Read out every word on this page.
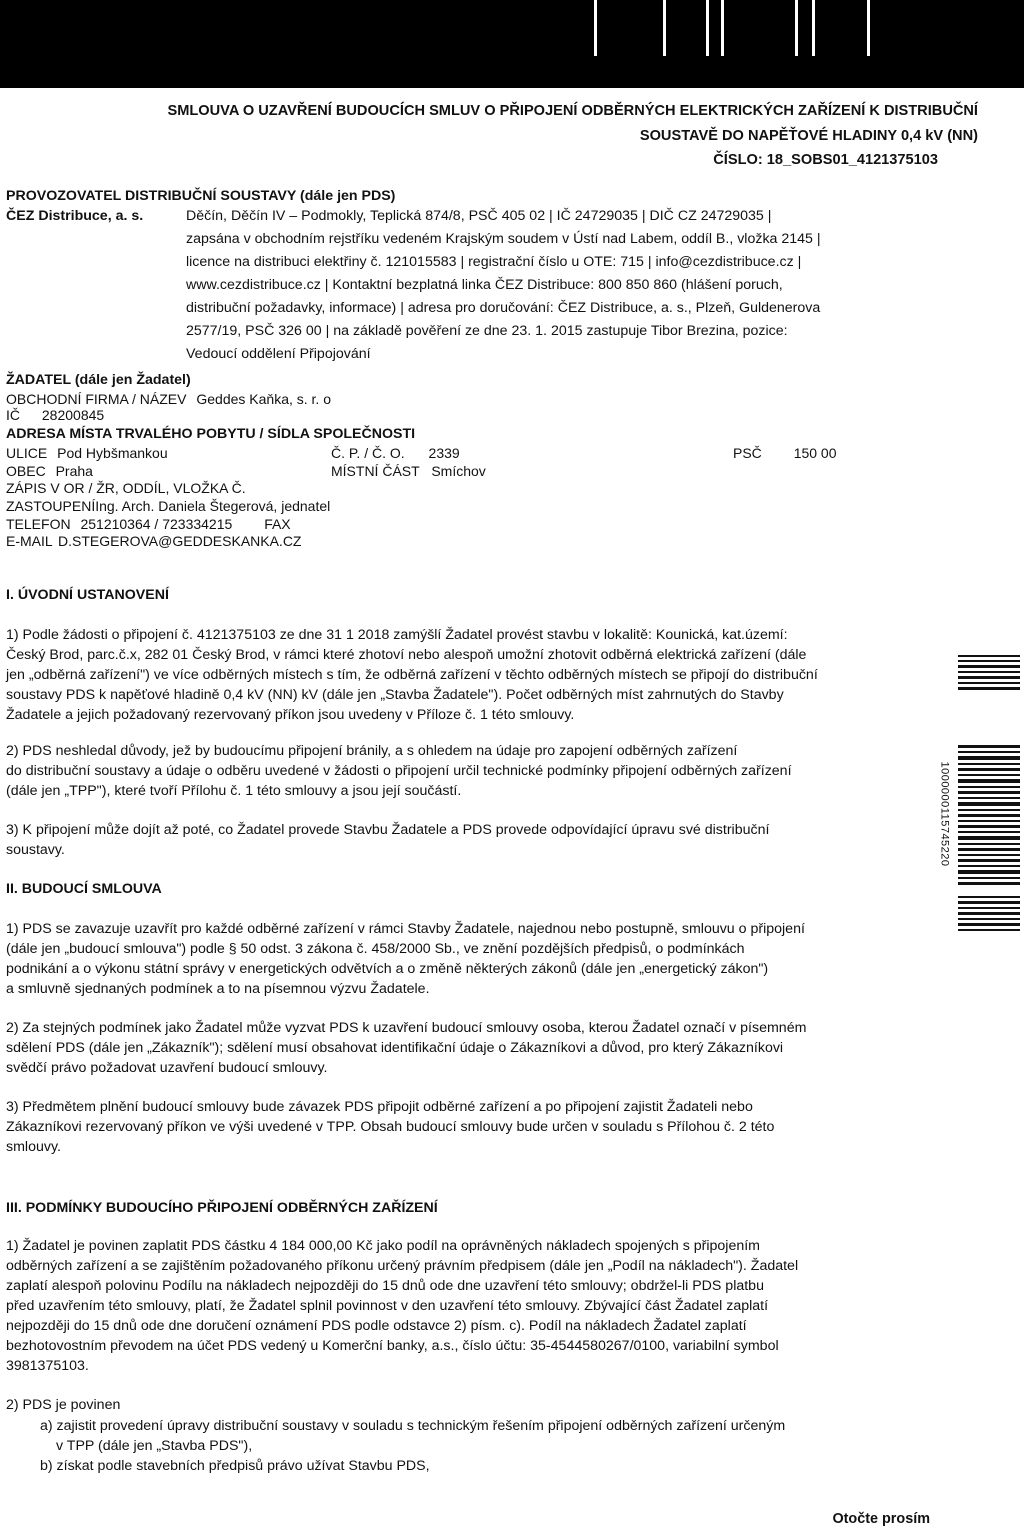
SMLOUVA O UZAVŘENÍ BUDOUCÍCH SMLUV O PŘIPOJENÍ ODBĚRNÝCH ELEKTRICKÝCH ZAŘÍZENÍ K DISTRIBUČNÍ
SOUSTAVĚ DO NAPĚŤOVÉ HLADINY 0,4 kV (NN)
ČÍSLO: 18_SOBS01_4121375103
PROVOZOVATEL DISTRIBUČNÍ SOUSTAVY (dále jen PDS)
ČEZ Distribuce, a. s.	Děčín, Děčín IV – Podmokly, Teplická 874/8, PSČ 405 02 | IČ 24729035 | DIČ CZ 24729035 |
zapsána v obchodním rejstříku vedeném Krajským soudem v Ústí nad Labem, oddíl B., vložka 2145 |
licence na distribuci elektřiny č. 121015583 | registrační číslo u OTE: 715 | info@cezdistribuce.cz |
www.cezdistribuce.cz | Kontaktní bezplatná linka ČEZ Distribuce: 800 850 860 (hlášení poruch,
distribuční požadavky, informace) | adresa pro doručování: ČEZ Distribuce, a. s., Plzeň, Guldenerova
2577/19, PSČ 326 00 | na základě pověření ze dne 23. 1. 2015 zastupuje Tibor Brezina, pozice:
Vedoucí oddělení Připojování
ŽADATEL (dále jen Žadatel)
OBCHODNÍ FIRMA / NÁZEV Geddes Kaňka, s. r. o
IČ 28200845
ADRESA MÍSTA TRVALÉHO POBYTU / SÍDLA SPOLEČNOSTI
ULICE Pod Hybšmankou	Č. P. / Č. O. 2339	PSČ 150 00
OBEC Praha	MÍSTNÍ ČÁST Smíchov
ZÁPIS V OR / ŽR, ODDÍL, VLOŽKA Č.
ZASTOUPENÍIng. Arch. Daniela Štegerová, jednatel
TELEFON 251210364 / 723334215 FAX
E-MAIL D.STEGEROVA@GEDDESKANKA.CZ
I. ÚVODNÍ USTANOVENÍ
1) Podle žádosti o připojení č. 4121375103 ze dne 31 1 2018 zamýšlí Žadatel provést stavbu v lokalitě: Kounická, kat.území:
Český Brod, parc.č.x, 282 01 Český Brod, v rámci které zhotoví nebo alespoň umožní zhotovit odběrná elektrická zařízení (dále
jen „odběrná zařízení") ve více odběrných místech s tím, že odběrná zařízení v těchto odběrných místech se připojí do distribuční
soustavy PDS k napěťové hladině 0,4 kV (NN) kV (dále jen „Stavba Žadatele"). Počet odběrných míst zahrnutých do Stavby
Žadatele a jejich požadovaný rezervovaný příkon jsou uvedeny v Příloze č. 1 této smlouvy.
2) PDS neshledal důvody, jež by budoucímu připojení bránily, a s ohledem na údaje pro zapojení odběrných zařízení
do distribuční soustavy a údaje o odběru uvedené v žádosti o připojení určil technické podmínky připojení odběrných zařízení
(dále jen „TPP"), které tvoří Přílohu č. 1 této smlouvy a jsou její součástí.
3) K připojení může dojít až poté, co Žadatel provede Stavbu Žadatele a PDS provede odpovídající úpravu své distribuční
soustavy.
II. BUDOUCÍ SMLOUVA
1) PDS se zavazuje uzavřít pro každé odběrné zařízení v rámci Stavby Žadatele, najednou nebo postupně, smlouvu o připojení
(dále jen „budoucí smlouva") podle § 50 odst. 3 zákona č. 458/2000 Sb., ve znění pozdějších předpisů, o podmínkách
podnikání a o výkonu státní správy v energetických odvětvích a o změně některých zákonů (dále jen „energetický zákon")
a smluvně sjednaných podmínek a to na písemnou výzvu Žadatele.
2) Za stejných podmínek jako Žadatel může vyzvat PDS k uzavření budoucí smlouvy osoba, kterou Žadatel označí v písemném
sdělení PDS (dále jen „Zákazník"); sdělení musí obsahovat identifikační údaje o Zákazníkovi a důvod, pro který Zákazníkovi
svědčí právo požadovat uzavření budoucí smlouvy.
3) Předmětem plnění budoucí smlouvy bude závazek PDS připojit odběrné zařízení a po připojení zajistit Žadateli nebo
Zákazníkovi rezervovaný příkon ve výši uvedené v TPP. Obsah budoucí smlouvy bude určen v souladu s Přílohou č. 2 této
smlouvy.
III. PODMÍNKY BUDOUCÍHO PŘIPOJENÍ ODBĚRNÝCH ZAŘÍZENÍ
1) Žadatel je povinen zaplatit PDS částku 4 184 000,00 Kč jako podíl na oprávněných nákladech spojených s připojením
odběrných zařízení a se zajištěním požadovaného příkonu určený právním předpisem (dále jen „Podíl na nákladech"). Žadatel
zaplatí alespoň polovinu Podílu na nákladech nejpozději do 15 dnů ode dne uzavření této smlouvy; obdržel-li PDS platbu
před uzavřením této smlouvy, platí, že Žadatel splnil povinnost v den uzavření této smlouvy. Zbývající část Žadatel zaplatí
nejpozději do 15 dnů ode dne doručení oznámení PDS podle odstavce 2) písm. c). Podíl na nákladech Žadatel zaplatí
bezhotovostním převodem na účet PDS vedený u Komerční banky, a.s., číslo účtu: 35-4544580267/0100, variabilní symbol
3981375103.
2) PDS je povinen
a) zajistit provedení úpravy distribuční soustavy v souladu s technickým řešením připojení odběrných zařízení určeným
v TPP (dále jen „Stavba PDS"),
b) získat podle stavebních předpisů právo užívat Stavbu PDS,
1000000115745220
Otočte prosím
